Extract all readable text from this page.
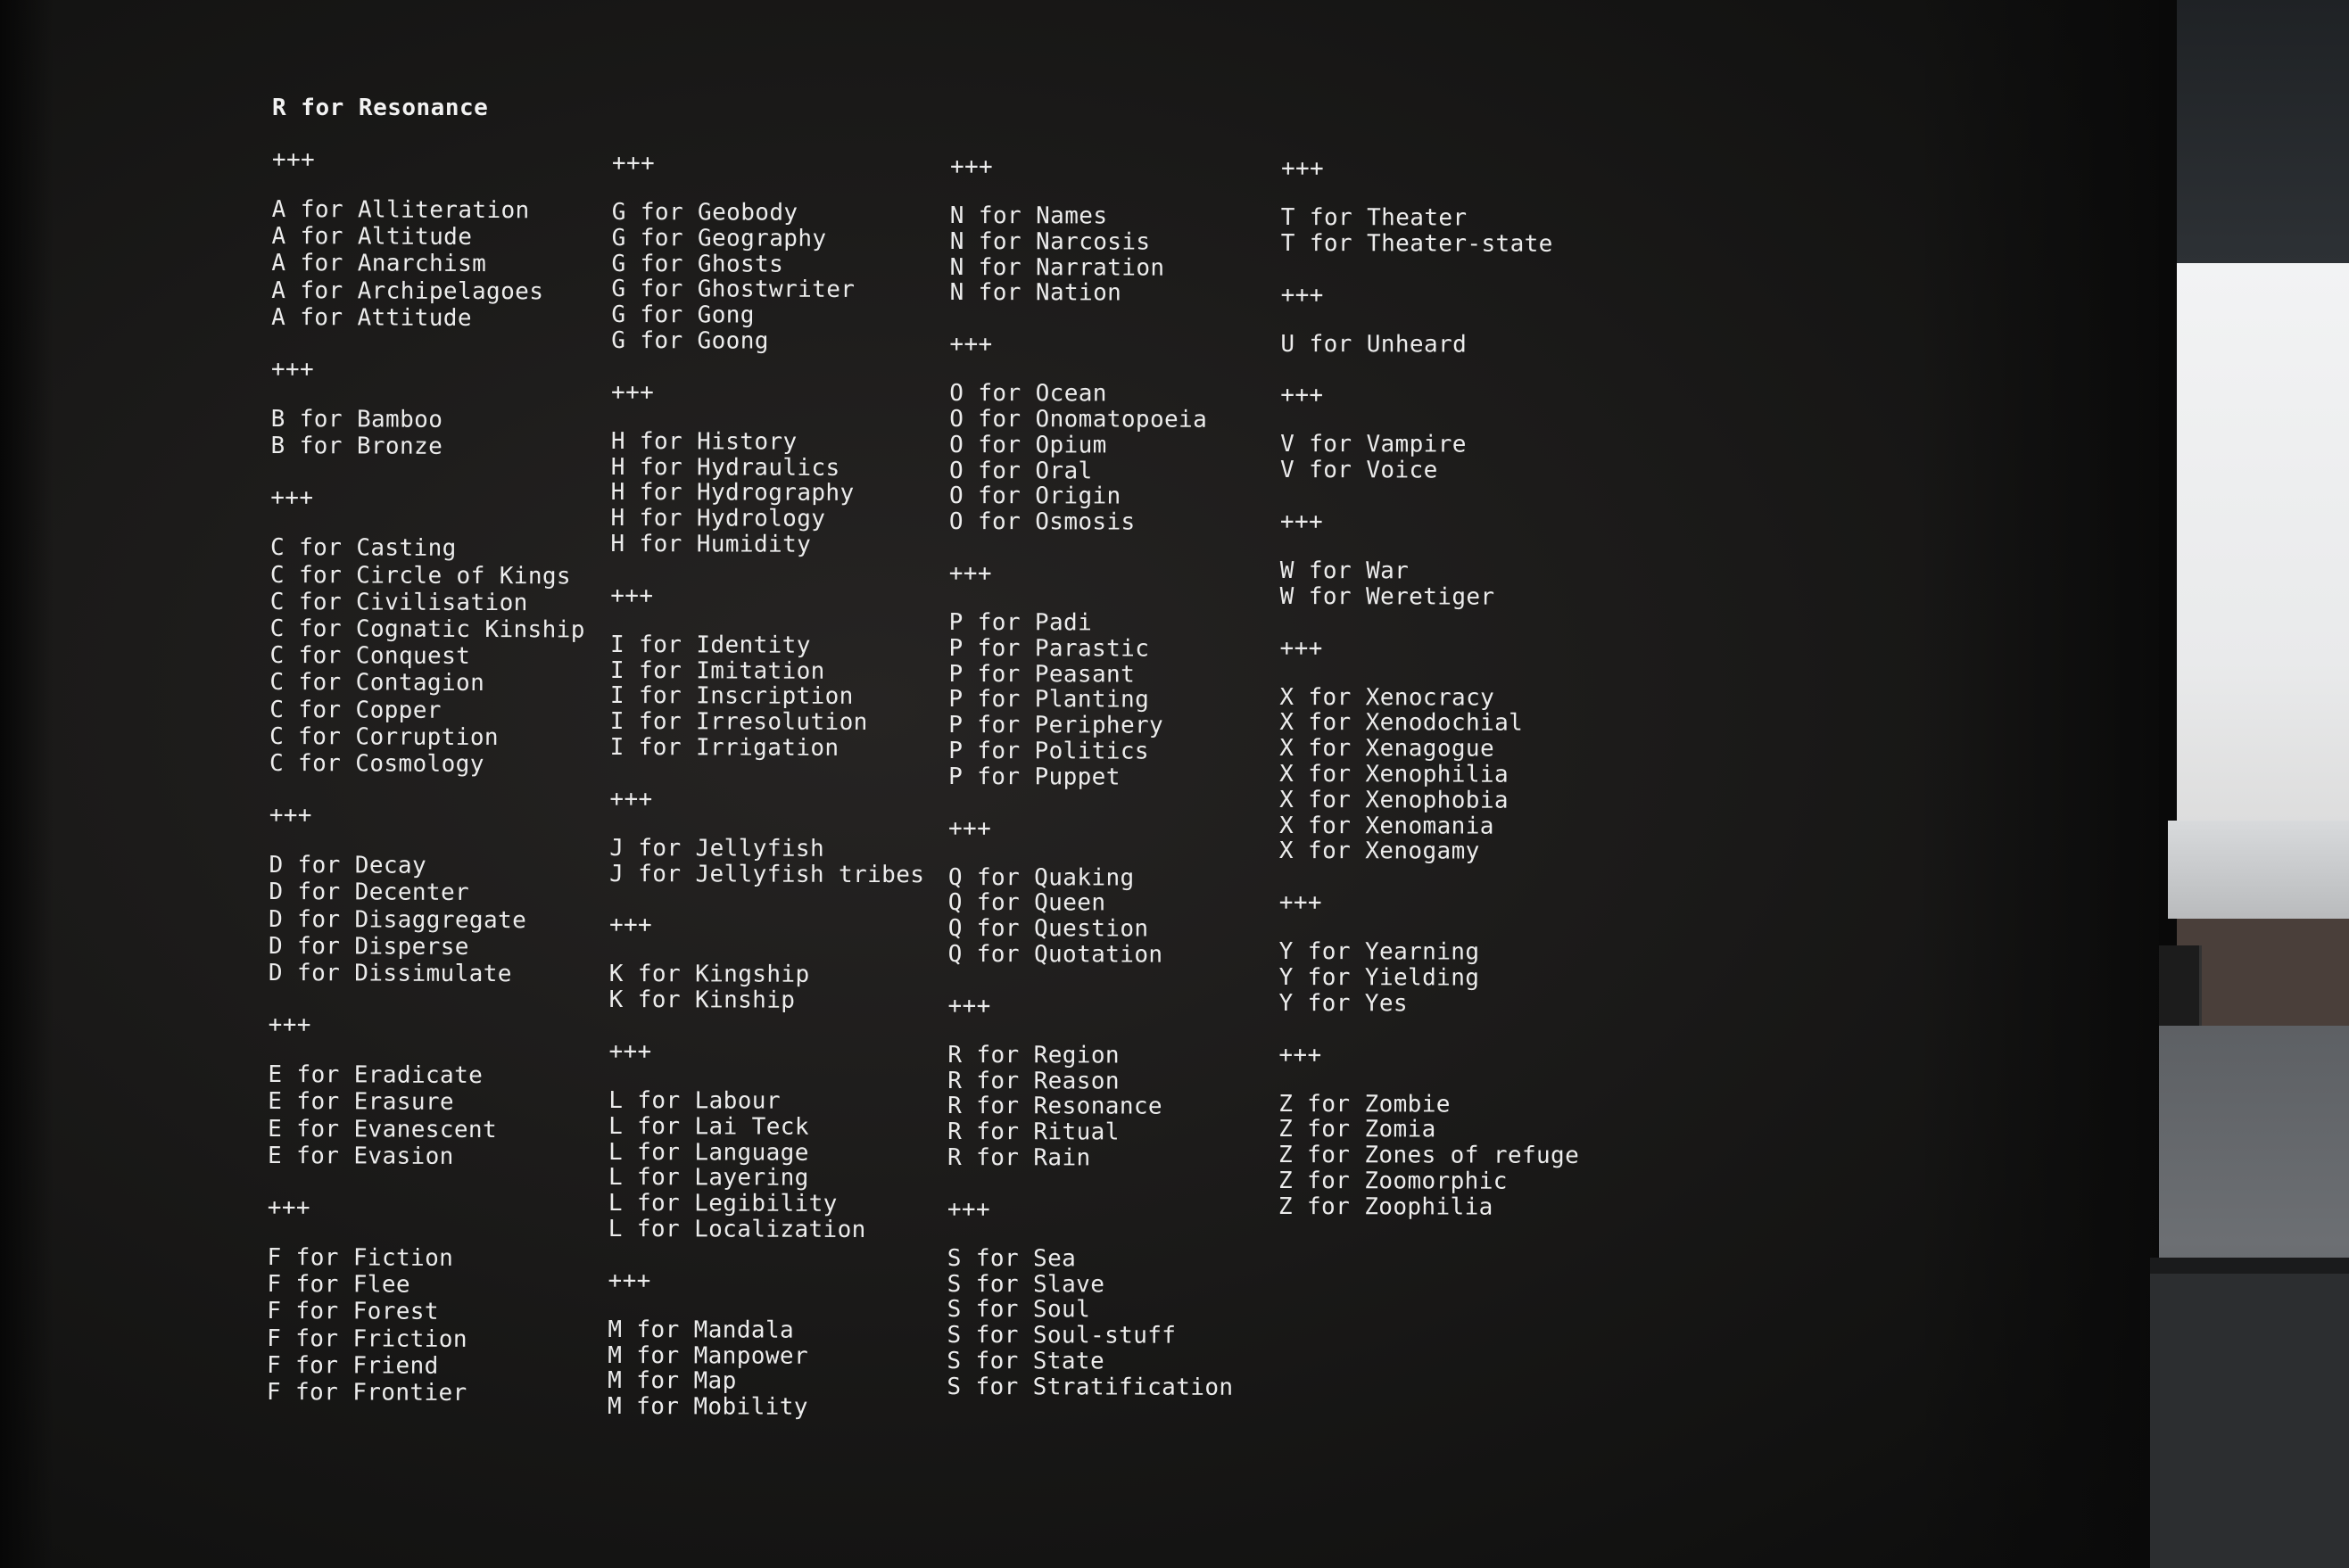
R for Resonance
+++
A for Alliteration
A for Altitude
A for Anarchism
A for Archipelagoes
A for Attitude
+++
B for Bamboo
B for Bronze
+++
C for Casting
C for Circle of Kings
C for Civilisation
C for Cognatic Kinship
C for Conquest
C for Contagion
C for Copper
C for Corruption
C for Cosmology
+++
D for Decay
D for Decenter
D for Disaggregate
D for Disperse
D for Dissimulate
+++
E for Eradicate
E for Erasure
E for Evanescent
E for Evasion
+++
F for Fiction
F for Flee
F for Forest
F for Friction
F for Friend
F for Frontier
+++
G for Geobody
G for Geography
G for Ghosts
G for Ghostwriter
G for Gong
G for Goong
+++
H for History
H for Hydraulics
H for Hydrography
H for Hydrology
H for Humidity
+++
I for Identity
I for Imitation
I for Inscription
I for Irresolution
I for Irrigation
+++
J for Jellyfish
J for Jellyfish tribes
+++
K for Kingship
K for Kinship
+++
L for Labour
L for Lai Teck
L for Language
L for Layering
L for Legibility
L for Localization
+++
M for Mandala
M for Manpower
M for Map
M for Mobility
+++
N for Names
N for Narcosis
N for Narration
N for Nation
+++
O for Ocean
O for Onomatopoeia
O for Opium
O for Oral
O for Origin
O for Osmosis
+++
P for Padi
P for Parastic
P for Peasant
P for Planting
P for Periphery
P for Politics
P for Puppet
+++
Q for Quaking
Q for Queen
Q for Question
Q for Quotation
+++
R for Region
R for Reason
R for Resonance
R for Ritual
R for Rain
+++
S for Sea
S for Slave
S for Soul
S for Soul-stuff
S for State
S for Stratification
+++
T for Theater
T for Theater-state
+++
U for Unheard
+++
V for Vampire
V for Voice
+++
W for War
W for Weretiger
+++
X for Xenocracy
X for Xenodochial
X for Xenagogue
X for Xenophilia
X for Xenophobia
X for Xenomania
X for Xenogamy
+++
Y for Yearning
Y for Yielding
Y for Yes
+++
Z for Zombie
Z for Zomia
Z for Zones of refuge
Z for Zoomorphic
Z for Zoophilia
